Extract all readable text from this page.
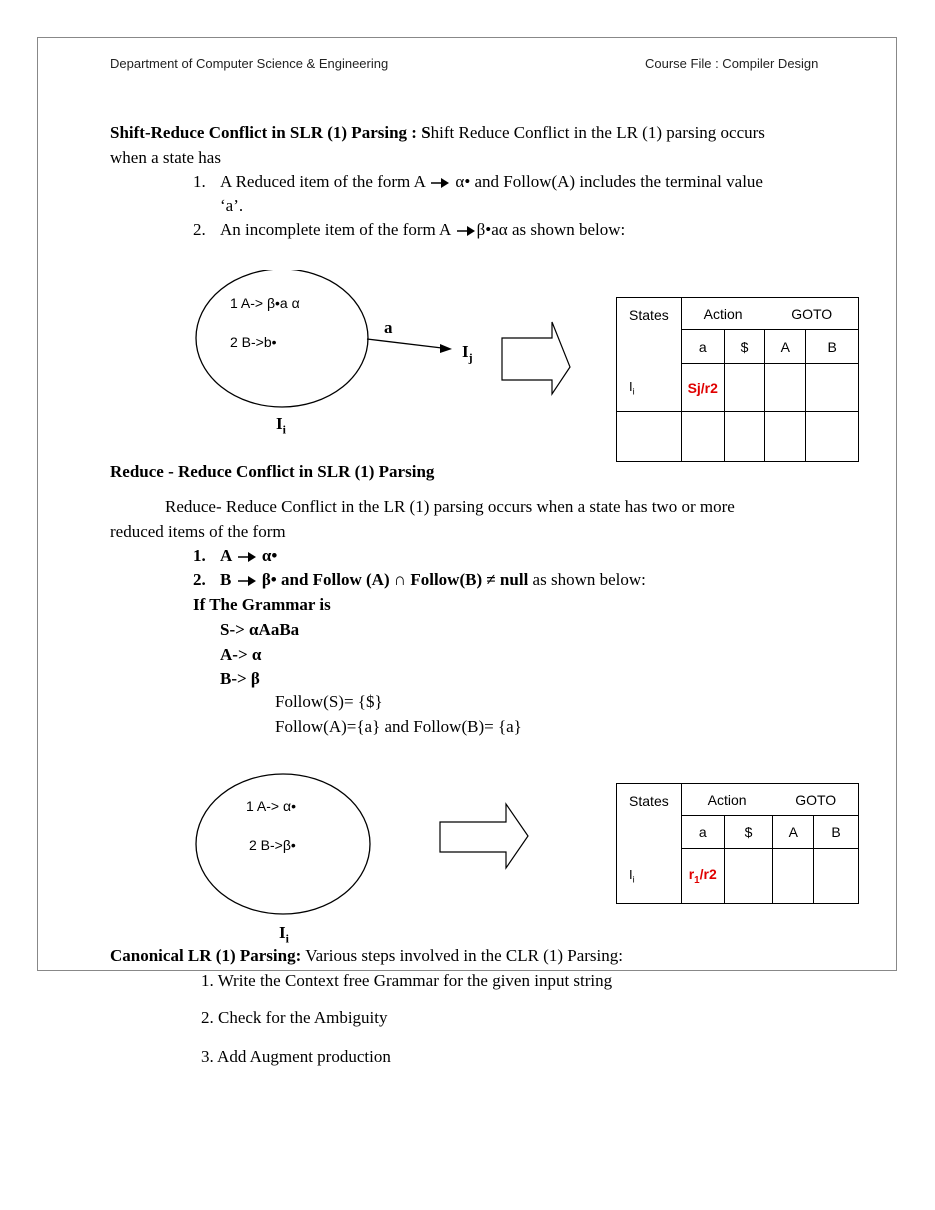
Department of Computer Science & Engineering	Course File : Compiler Design
Shift-Reduce Conflict in SLR (1) Parsing : Shift Reduce Conflict in the LR (1) parsing occurs
when a state has
1. A Reduced item of the form A  α• and Follow(A) includes the terminal value
‘a’.
2. An incomplete item of the form A β•aα as shown below:
1 A-> β•a α
2 B->b•
a
$I_j$
$I_i$
States	Action		GOTO	
	a	$	A	B
$I_i$	Sj/r2			

Reduce - Reduce Conflict in SLR (1) Parsing
Reduce- Reduce Conflict in the LR (1) parsing occurs when a state has two or more
reduced items of the form
1. A  α•
2. B  β• and Follow (A) ∩ Follow(B) ≠ null as shown below:
If The Grammar is
S-> αAaBa
A-> α
B-> β
Follow(S)= {$}
Follow(A)={a} and Follow(B)= {a}
1 A-> α•
2 B->β•
$I_i$
States	Action		GOTO	
	a	$	A	B
$I_i$	$r_1/r2$			
Canonical LR (1) Parsing: Various steps involved in the CLR (1) Parsing:
1. Write the Context free Grammar for the given input string
2. Check for the Ambiguity
3. Add Augment production
